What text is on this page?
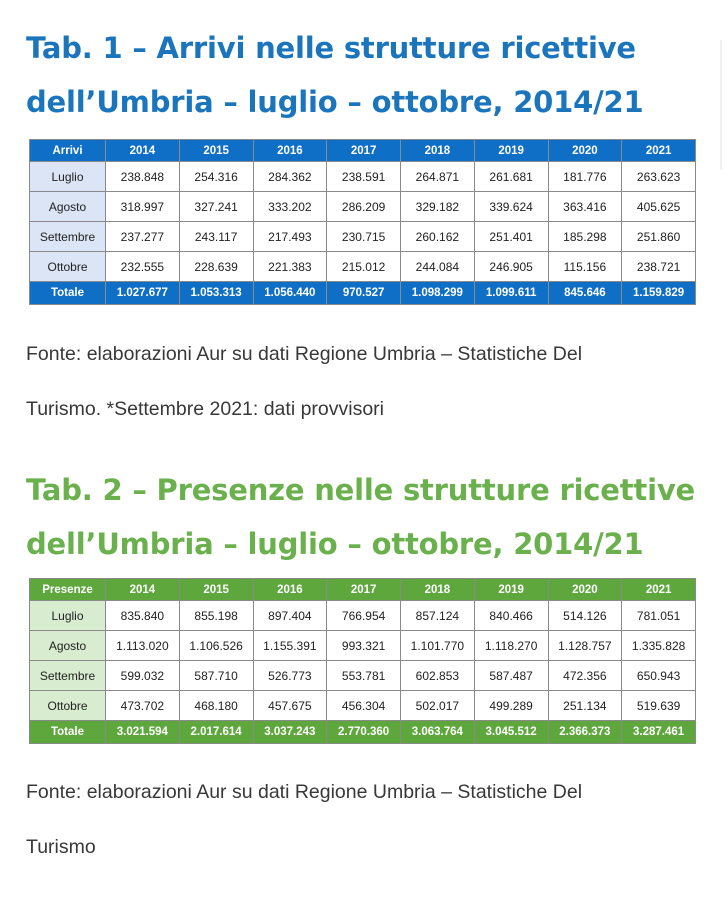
Tab. 1 – Arrivi nelle strutture ricettive
dell’Umbria – luglio – ottobre, 2014/21
Arrivi	2014	2015	2016	2017	2018	2019	2020	2021
Luglio	238.848	254.316	284.362	238.591	264.871	261.681	181.776	263.623
Agosto	318.997	327.241	333.202	286.209	329.182	339.624	363.416	405.625
Settembre	237.277	243.117	217.493	230.715	260.162	251.401	185.298	251.860
Ottobre	232.555	228.639	221.383	215.012	244.084	246.905	115.156	238.721
Totale	1.027.677	1.053.313	1.056.440	970.527	1.098.299	1.099.611	845.646	1.159.829

Fonte: elaborazioni Aur su dati Regione Umbria – Statistiche Del

Turismo. *Settembre 2021: dati provvisori

Tab. 2 – Presenze nelle strutture ricettive
dell’Umbria – luglio – ottobre, 2014/21
Presenze	2014	2015	2016	2017	2018	2019	2020	2021
Luglio	835.840	855.198	897.404	766.954	857.124	840.466	514.126	781.051
Agosto	1.113.020	1.106.526	1.155.391	993.321	1.101.770	1.118.270	1.128.757	1.335.828
Settembre	599.032	587.710	526.773	553.781	602.853	587.487	472.356	650.943
Ottobre	473.702	468.180	457.675	456.304	502.017	499.289	251.134	519.639
Totale	3.021.594	2.017.614	3.037.243	2.770.360	3.063.764	3.045.512	2.366.373	3.287.461

Fonte: elaborazioni Aur su dati Regione Umbria – Statistiche Del

Turismo
